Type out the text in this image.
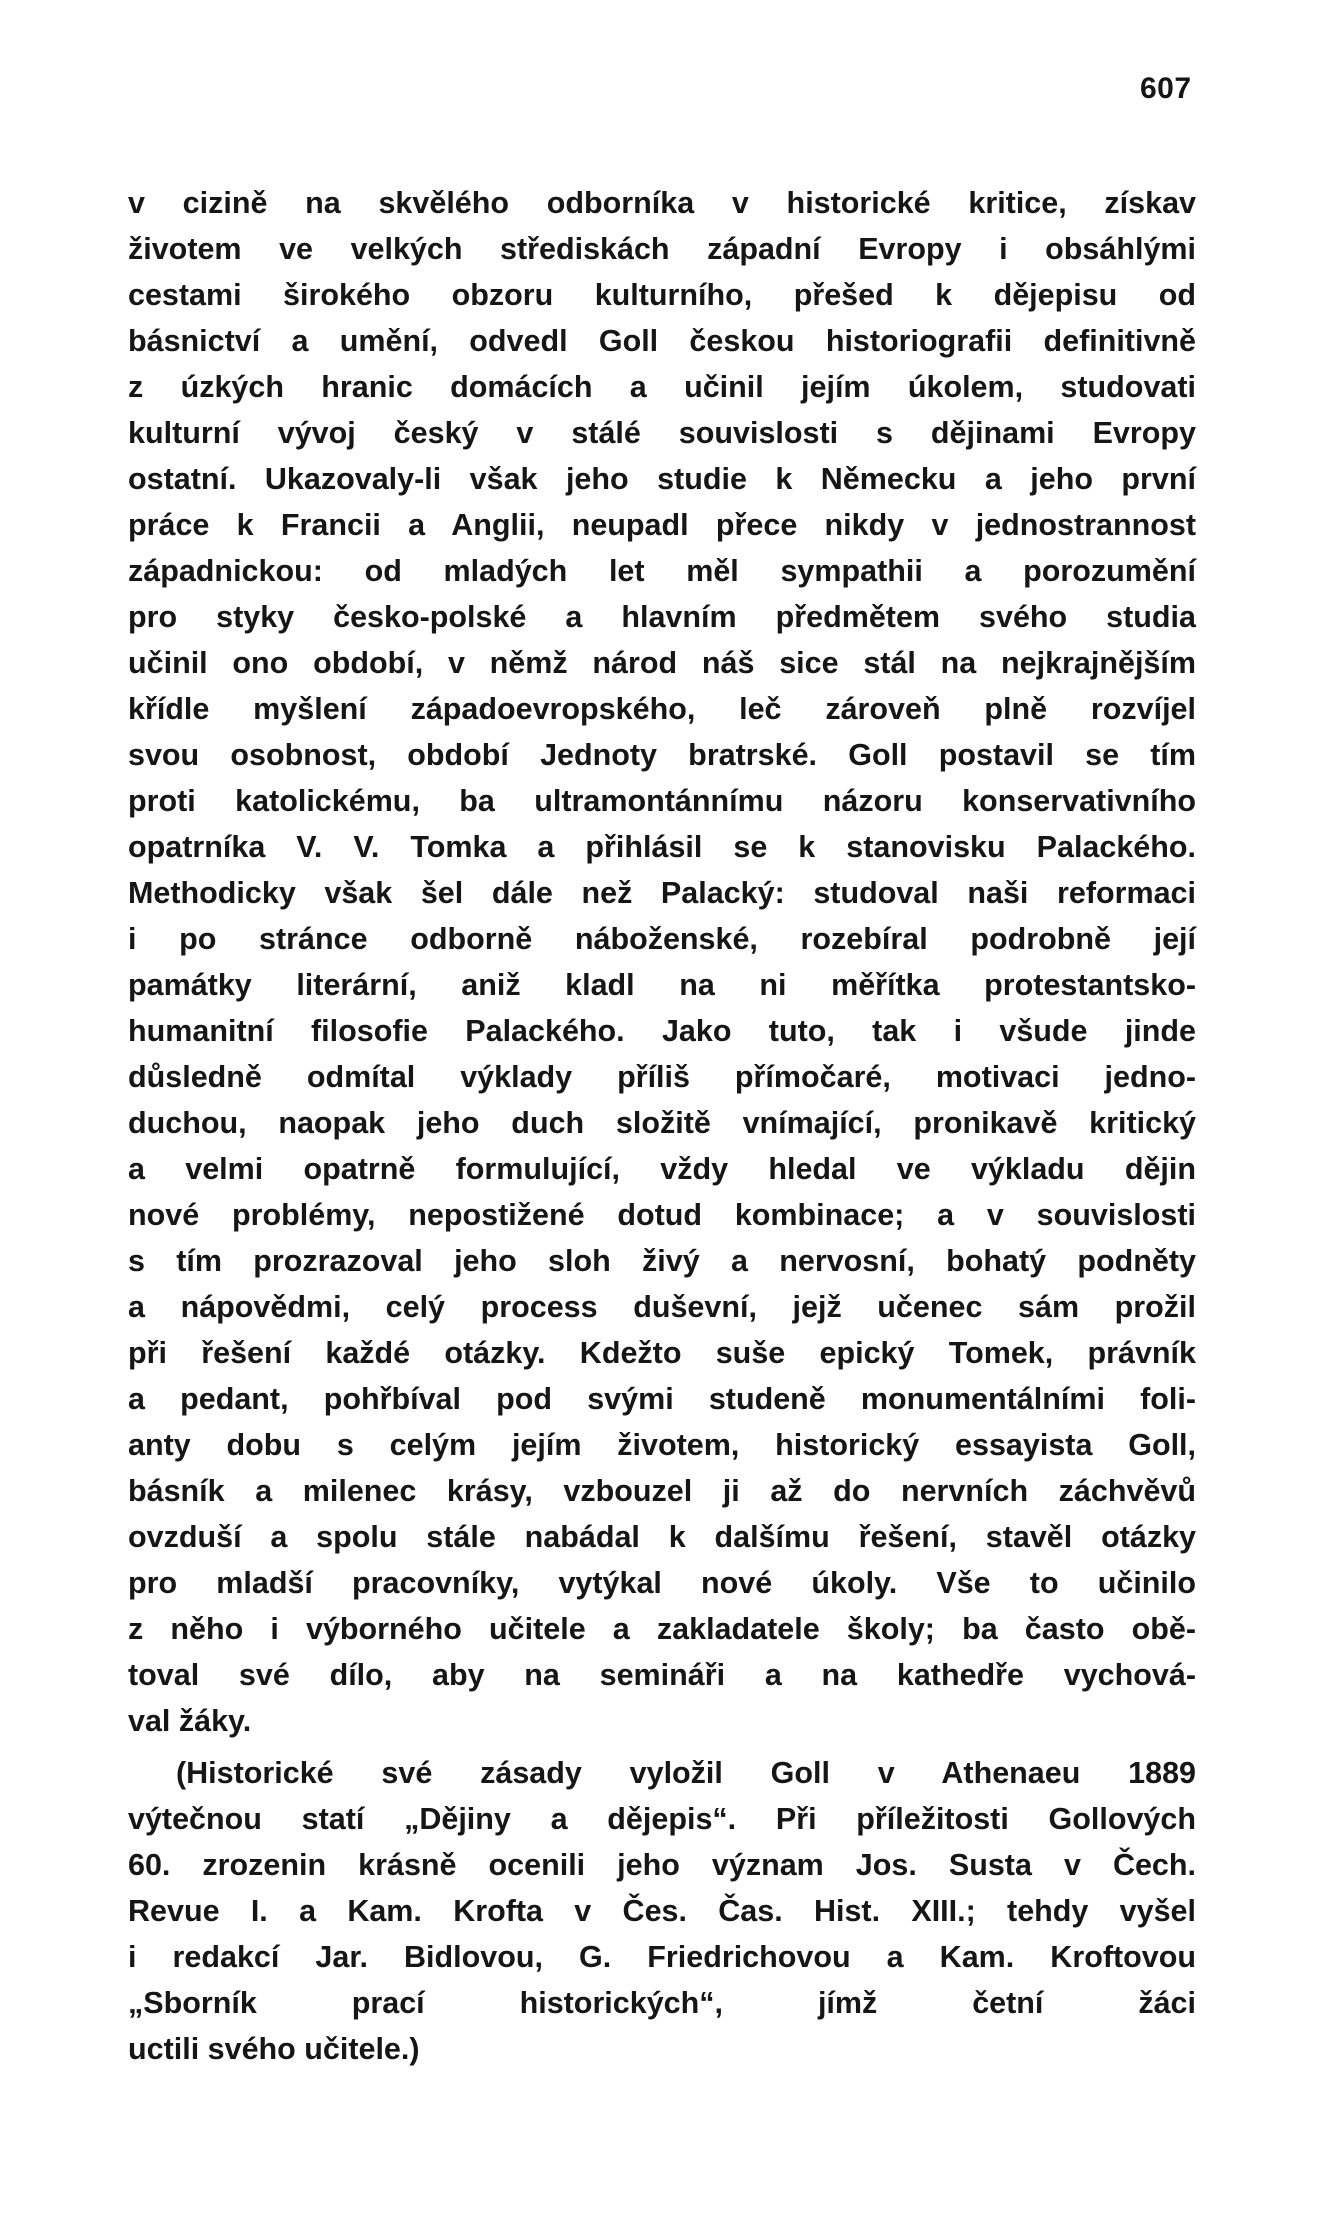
607
v cizině na skvělého odborníka v historické kritice, získav
životem ve velkých střediskách západní Evropy i obsáhlými
cestami širokého obzoru kulturního, přešed k dějepisu od
básnictví a umění, odvedl Goll českou historiografii definitivně
z úzkých hranic domácích a učinil jejím úkolem, studovati
kulturní vývoj český v stálé souvislosti s dějinami Evropy
ostatní. Ukazovaly-li však jeho studie k Německu a jeho první
práce k Francii a Anglii, neupadl přece nikdy v jednostrannost
západnickou: od mladých let měl sympathii a porozumění
pro styky česko-polské a hlavním předmětem svého studia
učinil ono období, v němž národ náš sice stál na nejkrajnějším
křídle myšlení západoevropského, leč zároveň plně rozvíjel
svou osobnost, období Jednoty bratrské. Goll postavil se tím
proti katolickému, ba ultramontánnímu názoru konservativního
opatrníka V. V. Tomka a přihlásil se k stanovisku Palackého.
Methodicky však šel dále než Palacký: studoval naši reformaci
i po stránce odborně náboženské, rozebíral podrobně její
památky literární, aniž kladl na ni měřítka protestantsko-
humanitní filosofie Palackého. Jako tuto, tak i všude jinde
důsledně odmítal výklady příliš přímočaré, motivaci jedno-
duchou, naopak jeho duch složitě vnímající, pronikavě kritický
a velmi opatrně formulující, vždy hledal ve výkladu dějin
nové problémy, nepostižené dotud kombinace; a v souvislosti
s tím prozrazoval jeho sloh živý a nervosní, bohatý podněty
a nápovědmi, celý process duševní, jejž učenec sám prožil
při řešení každé otázky. Kdežto suše epický Tomek, právník
a pedant, pohřbíval pod svými studeně monumentálními foli-
anty dobu s celým jejím životem, historický essayista Goll,
básník a milenec krásy, vzbouzel ji až do nervních záchvěvů
ovzduší a spolu stále nabádal k dalšímu řešení, stavěl otázky
pro mladší pracovníky, vytýkal nové úkoly. Vše to učinilo
z něho i výborného učitele a zakladatele školy; ba často obě-
toval své dílo, aby na semináři a na kathedře vychová-
val žáky.
(Historické své zásady vyložil Goll v Athenaeu 1889
výtečnou statí „Dějiny a dějepis“. Při příležitosti Gollových
60. zrozenin krásně ocenili jeho význam Jos. Susta v Čech.
Revue I. a Kam. Krofta v Čes. Čas. Hist. XIII.; tehdy vyšel
i redakcí Jar. Bidlovou, G. Friedrichovou a Kam. Kroftovou
„Sborník prací historických“, jímž četní žáci
uctili svého učitele.)
